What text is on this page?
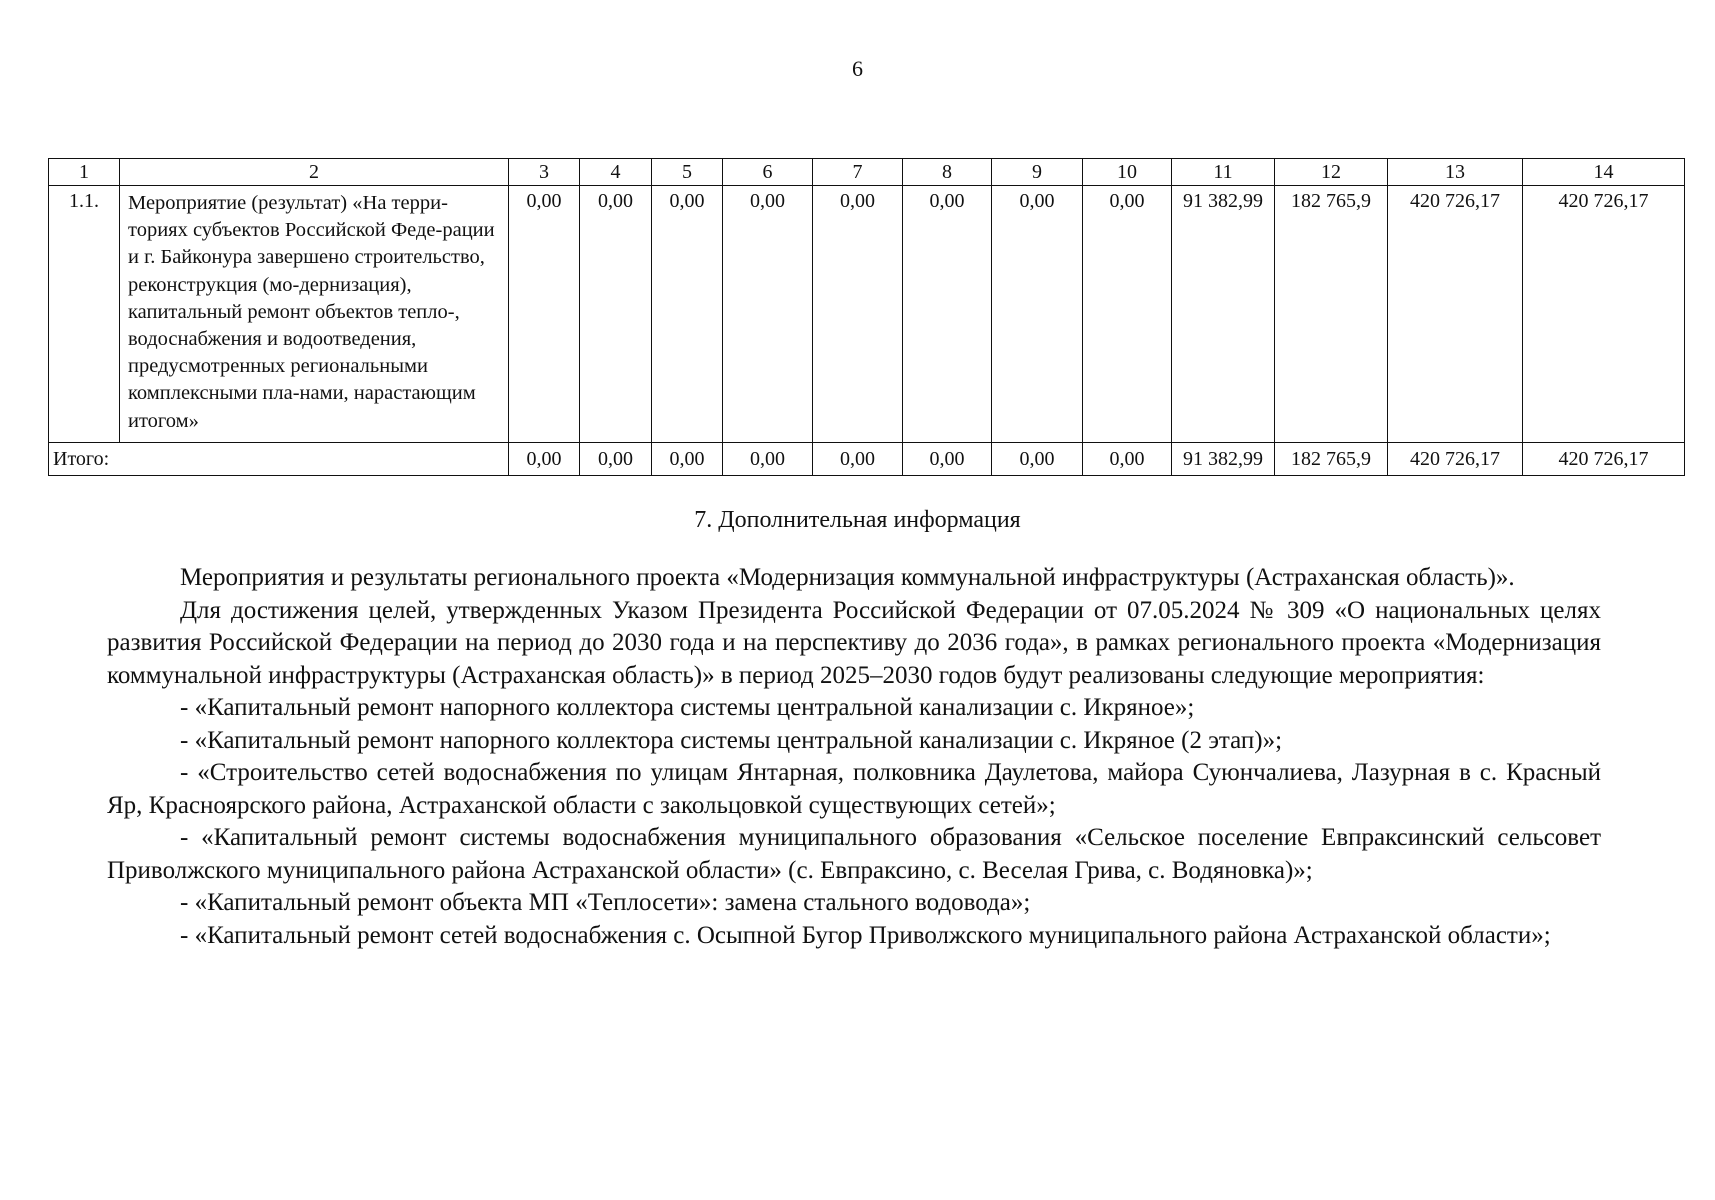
6
1	2	3	4	5	6	7	8	9	10	11	12	13	14
1.1.	Мероприятие (результат) «На терри-ториях субъектов Российской Феде-рации и г. Байконура завершено строительство, реконструкция (мо-дернизация), капитальный ремонт объектов тепло-, водоснабжения и водоотведения, предусмотренных региональными комплексными пла-нами, нарастающим итогом»	0,00	0,00	0,00	0,00	0,00	0,00	0,00	0,00	91 382,99	182 765,9	420 726,17	420 726,17
Итого:		0,00	0,00	0,00	0,00	0,00	0,00	0,00	0,00	91 382,99	182 765,9	420 726,17	420 726,17
7. Дополнительная информация

Мероприятия и результаты регионального проекта «Модернизация коммунальной инфраструктуры (Астраханская область)».

Для достижения целей, утвержденных Указом Президента Российской Федерации от 07.05.2024 № 309 «О национальных целях развития Российской Федерации на период до 2030 года и на перспективу до 2036 года», в рамках регионального проекта «Модернизация коммунальной инфраструктуры (Астраханская область)» в период 2025–2030 годов будут реализованы следующие мероприятия:

- «Капитальный ремонт напорного коллектора системы центральной канализации с. Икряное»;

- «Капитальный ремонт напорного коллектора системы центральной канализации с. Икряное (2 этап)»;

- «Строительство сетей водоснабжения по улицам Янтарная, полковника Даулетова, майора Суюнчалиева, Лазурная в с. Красный Яр, Красноярского района, Астраханской области с закольцовкой существующих сетей»;

- «Капитальный ремонт системы водоснабжения муниципального образования «Сельское поселение Евпраксинский сельсовет Приволжского муниципального района Астраханской области» (с. Евпраксино, с. Веселая Грива, с. Водяновка)»;

- «Капитальный ремонт объекта МП «Теплосети»: замена стального водовода»;

- «Капитальный ремонт сетей водоснабжения с. Осыпной Бугор Приволжского муниципального района Астраханской области»;
